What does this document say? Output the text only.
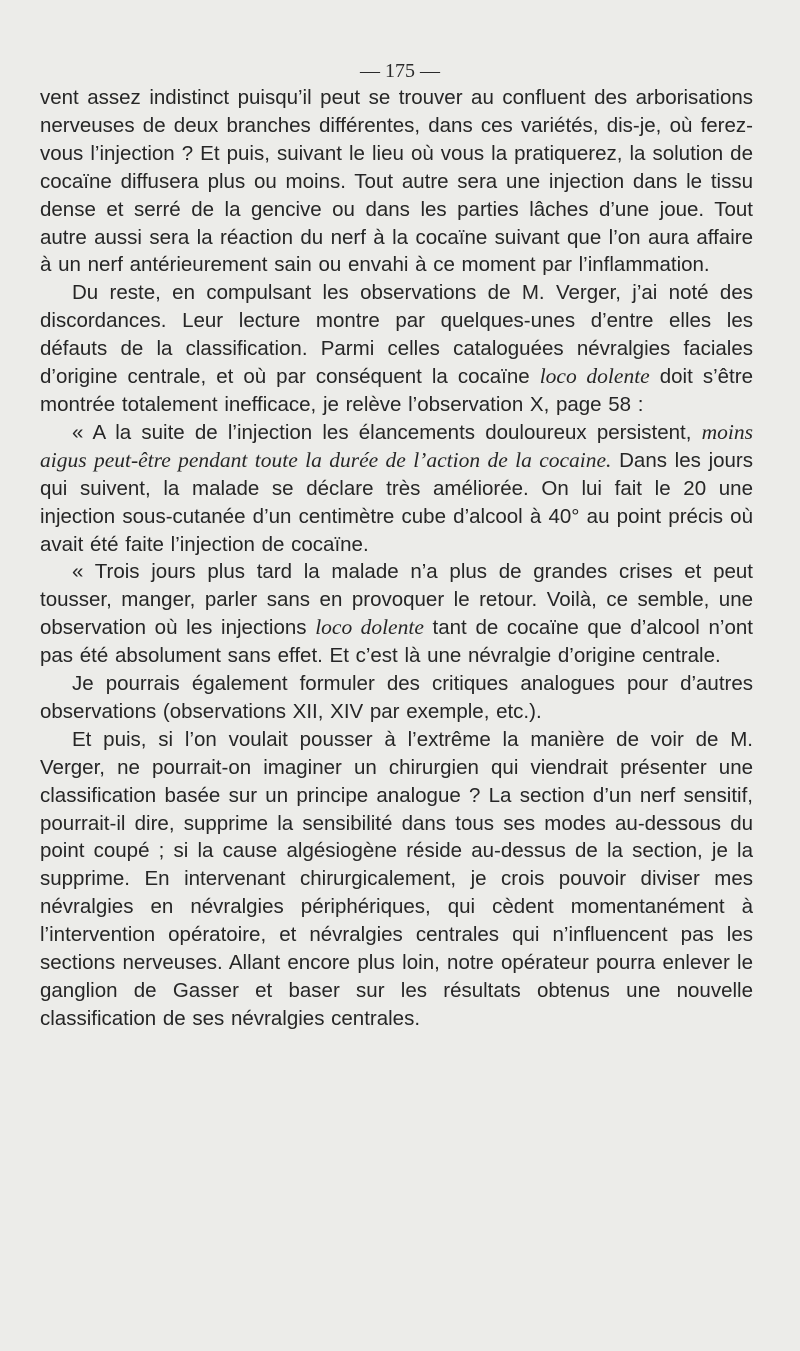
— 175 —

vent assez indistinct puisqu’il peut se trouver au confluent des arborisations nerveuses de deux branches différentes, dans ces variétés, dis-je, où ferez-vous l’injection ? Et puis, suivant le lieu où vous la pratiquerez, la solution de cocaïne diffusera plus ou moins. Tout autre sera une injection dans le tissu dense et serré de la gencive ou dans les parties lâches d’une joue. Tout autre aussi sera la réaction du nerf à la cocaïne suivant que l’on aura affaire à un nerf antérieurement sain ou envahi à ce moment par l’inflammation.

Du reste, en compulsant les observations de M. Verger, j’ai noté des discordances. Leur lecture montre par quelques-unes d’entre elles les défauts de la classification. Parmi celles cataloguées névralgies faciales d’origine centrale, et où par conséquent la cocaïne loco dolente doit s’être montrée totalement inefficace, je relève l’observation X, page 58 :

« A la suite de l’injection les élancements douloureux persistent, moins aigus peut-être pendant toute la durée de l’action de la cocaine. Dans les jours qui suivent, la malade se déclare très améliorée. On lui fait le 20 une injection sous-cutanée d’un centimètre cube d’alcool à 40° au point précis où avait été faite l’injection de cocaïne.

« Trois jours plus tard la malade n’a plus de grandes crises et peut tousser, manger, parler sans en provoquer le retour. Voilà, ce semble, une observation où les injections loco dolente tant de cocaïne que d’alcool n’ont pas été absolument sans effet. Et c’est là une névralgie d’origine centrale.

Je pourrais également formuler des critiques analogues pour d’autres observations (observations XII, XIV par exemple, etc.).

Et puis, si l’on voulait pousser à l’extrême la manière de voir de M. Verger, ne pourrait-on imaginer un chirurgien qui viendrait présenter une classification basée sur un principe analogue ? La section d’un nerf sensitif, pourrait-il dire, supprime la sensibilité dans tous ses modes au-dessous du point coupé ; si la cause algésiogène réside au-dessus de la section, je la supprime. En intervenant chirurgicalement, je crois pouvoir diviser mes névralgies en névralgies périphériques, qui cèdent momentanément à l’intervention opératoire, et névralgies centrales qui n’influencent pas les sections nerveuses. Allant encore plus loin, notre opérateur pourra enlever le ganglion de Gasser et baser sur les résultats obtenus une nouvelle classification de ses névralgies centrales.
